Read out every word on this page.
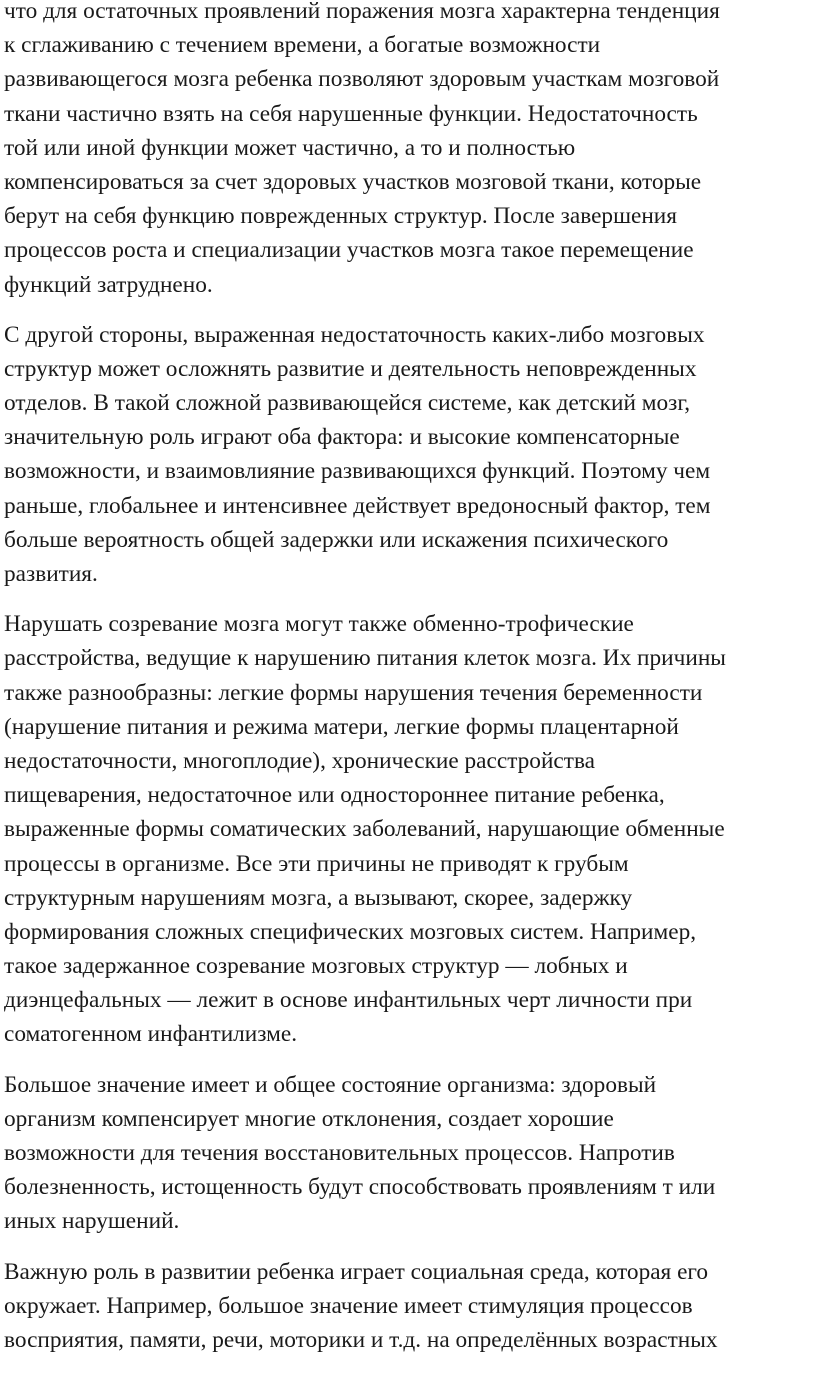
что для остаточных проявлений поражения мозга характерна тенденция
к сглаживанию с течением времени, а богатые возможности
развивающегося мозга ребенка позволяют здоровым участкам мозговой
ткани частично взять на себя нарушенные функции. Недостаточность
той или иной функции может частично, а то и полностью
компенсироваться за счет здоровых участков мозговой ткани, которые
берут на себя функцию поврежденных структур. После завершения
процессов роста и специализации участков мозга такое перемещение
функций затруднено.

С другой стороны, выраженная недостаточность каких-либо мозговых
структур может осложнять развитие и деятельность неповрежденных
отделов. В такой сложной развивающейся системе, как детский мозг,
значительную роль играют оба фактора: и высокие компенсаторные
возможности, и взаимовлияние развивающихся функций. Поэтому чем
раньше, глобальнее и интенсивнее действует вредоносный фактор, тем
больше вероятность общей задержки или искажения психического
развития.

Нарушать созревание мозга могут также обменно-трофические
расстройства, ведущие к нарушению питания клеток мозга. Их причины
также разнообразны: легкие формы нарушения течения беременности
(нарушение питания и режима матери, легкие формы плацентарной
недостаточности, многоплодие), хронические расстройства
пищеварения, недостаточное или одностороннее питание ребенка,
выраженные формы соматических заболеваний, нарушающие обменные
процессы в организме. Все эти причины не приводят к грубым
структурным нарушениям мозга, а вызывают, скорее, задержку
формирования сложных специфических мозговых систем. Например,
такое задержанное созревание мозговых структур — лобных и
диэнцефальных — лежит в основе инфантильных черт личности при
соматогенном инфантилизме.

Большое значение имеет и общее состояние организма: здоровый
организм компенсирует многие отклонения, создает хорошие
возможности для течения восстановительных процессов. Напротив
болезненность, истощенность будут способствовать проявлениям т или
иных нарушений.

Важную роль в развитии ребенка играет социальная среда, которая его
окружает. Например, большое значение имеет стимуляция процессов
восприятия, памяти, речи, моторики и т.д. на определённых возрастных
